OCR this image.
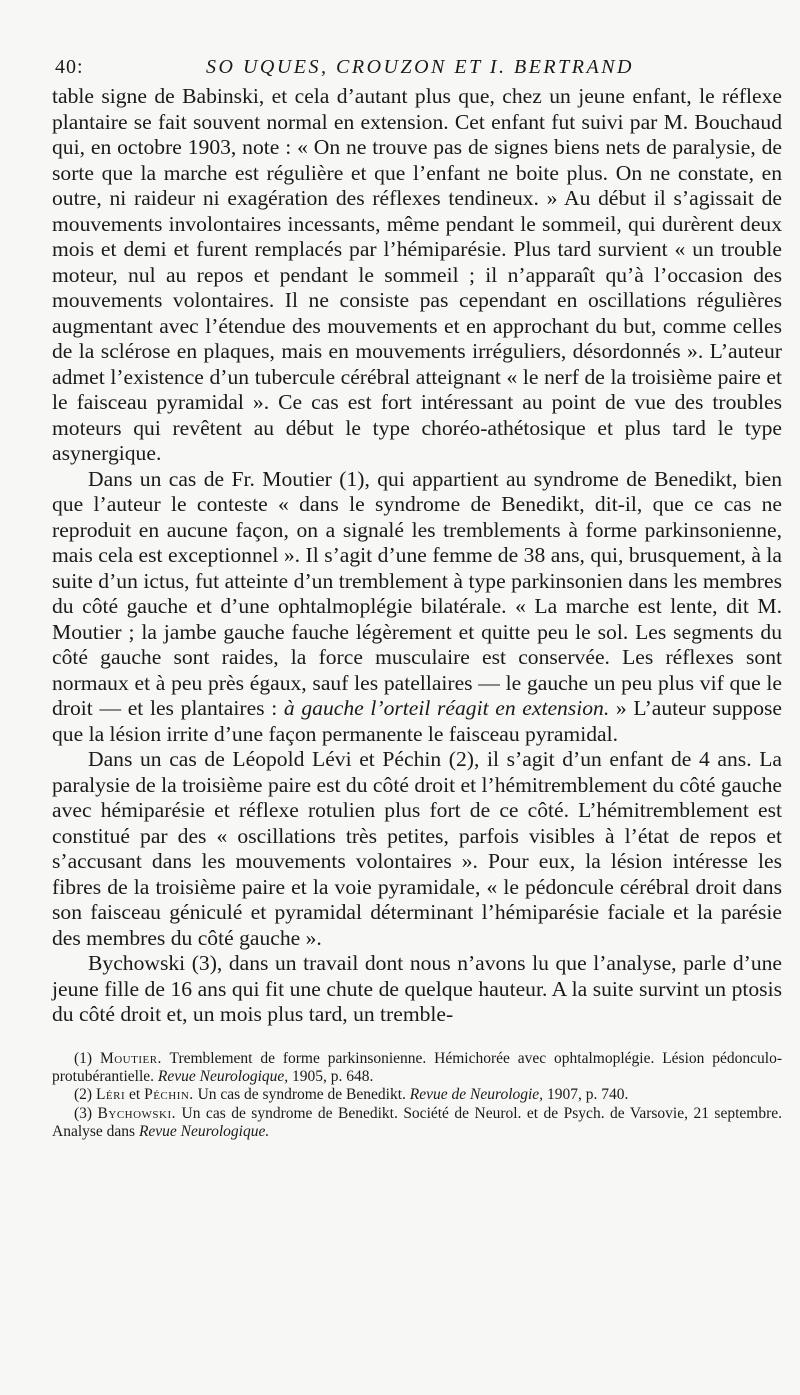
40:	SO UQUES, CROUZON ET I. BERTRAND

table signe de Babinski, et cela d’autant plus que, chez un jeune enfant, le réflexe plantaire se fait souvent normal en extension. Cet enfant fut suivi par M. Bouchaud qui, en octobre 1903, note : « On ne trouve pas de signes biens nets de paralysie, de sorte que la marche est régulière et que l’enfant ne boite plus. On ne constate, en outre, ni raideur ni exagération des réflexes tendineux. » Au début il s’agissait de mouvements involontaires incessants, même pendant le sommeil, qui durèrent deux mois et demi et furent remplacés par l’hémiparésie. Plus tard survient « un trouble moteur, nul au repos et pendant le sommeil ; il n’apparaît qu’à l’occasion des mouvements volontaires. Il ne consiste pas cependant en oscillations régulières augmentant avec l’étendue des mouvements et en approchant du but, comme celles de la sclérose en plaques, mais en mouvements irréguliers, désordonnés ». L’auteur admet l’existence d’un tubercule cérébral atteignant « le nerf de la troisième paire et le faisceau pyramidal ». Ce cas est fort intéressant au point de vue des troubles moteurs qui revêtent au début le type choréo-athétosique et plus tard le type asynergique.

Dans un cas de Fr. Moutier (1), qui appartient au syndrome de Benedikt, bien que l’auteur le conteste « dans le syndrome de Benedikt, dit-il, que ce cas ne reproduit en aucune façon, on a signalé les tremblements à forme parkinsonienne, mais cela est exceptionnel ». Il s’agit d’une femme de 38 ans, qui, brusquement, à la suite d’un ictus, fut atteinte d’un tremblement à type parkinsonien dans les membres du côté gauche et d’une ophtalmoplégie bilatérale. « La marche est lente, dit M. Moutier ; la jambe gauche fauche légèrement et quitte peu le sol. Les segments du côté gauche sont raides, la force musculaire est conservée. Les réflexes sont normaux et à peu près égaux, sauf les patellaires — le gauche un peu plus vif que le droit — et les plantaires : à gauche l’orteil réagit en extension. » L’auteur suppose que la lésion irrite d’une façon permanente le faisceau pyramidal.

Dans un cas de Léopold Lévi et Péchin (2), il s’agit d’un enfant de 4 ans. La paralysie de la troisième paire est du côté droit et l’hémitremblement du côté gauche avec hémiparésie et réflexe rotulien plus fort de ce côté. L’hémitremblement est constitué par des « oscillations très petites, parfois visibles à l’état de repos et s’accusant dans les mouvements volontaires ». Pour eux, la lésion intéresse les fibres de la troisième paire et la voie pyramidale, « le pédoncule cérébral droit dans son faisceau géniculé et pyramidal déterminant l’hémiparésie faciale et la parésie des membres du côté gauche ».

Bychowski (3), dans un travail dont nous n’avons lu que l’analyse, parle d’une jeune fille de 16 ans qui fit une chute de quelque hauteur. A la suite survint un ptosis du côté droit et, un mois plus tard, un tremble-

(1) Moutier. Tremblement de forme parkinsonienne. Hémichorée avec ophtalmoplégie. Lésion pédonculo-protubérantielle. Revue Neurologique, 1905, p. 648.

(2) Léri et Péchin. Un cas de syndrome de Benedikt. Revue de Neurologie, 1907, p. 740.

(3) Bychowski. Un cas de syndrome de Benedikt. Société de Neurol. et de Psych. de Varsovie, 21 septembre. Analyse dans Revue Neurologique.
